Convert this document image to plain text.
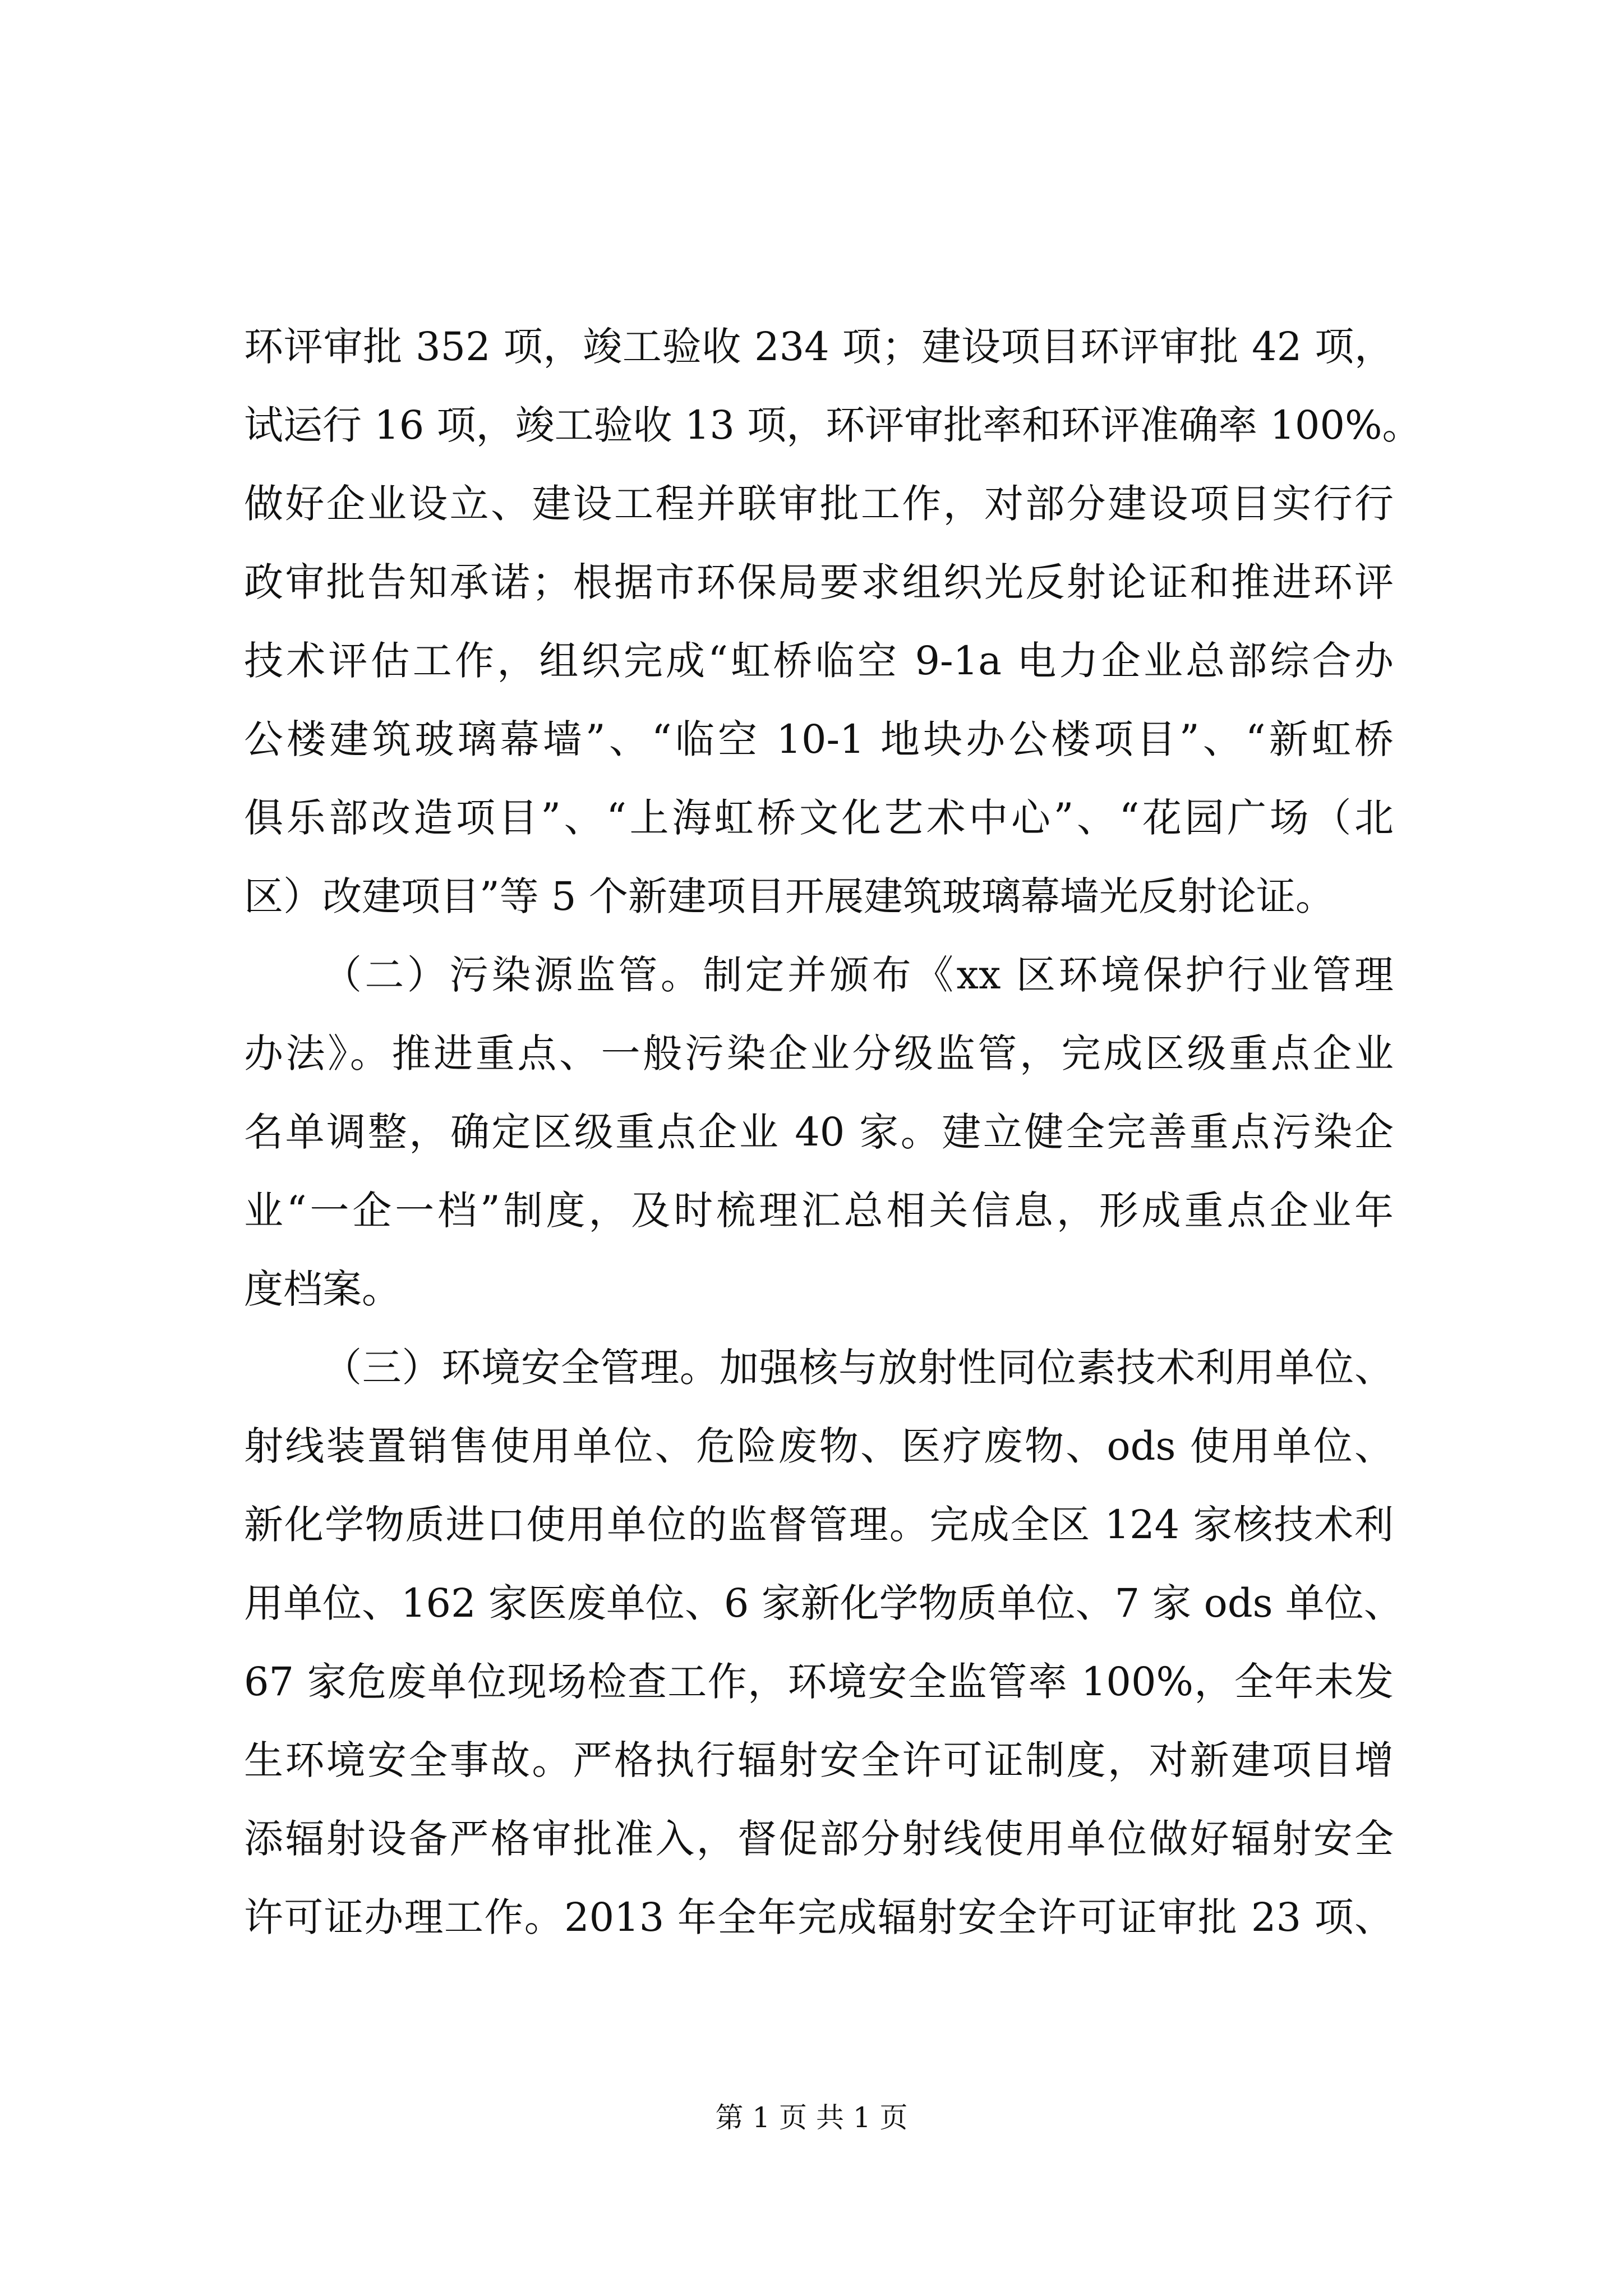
环评审批 352 项，竣工验收 234 项；建设项目环评审批 42 项，
试运行 16 项，竣工验收 13 项，环评审批率和环评准确率 100%。
做好企业设立、建设工程并联审批工作，对部分建设项目实行行
政审批告知承诺；根据市环保局要求组织光反射论证和推进环评
技术评估工作，组织完成“虹桥临空 9-1a 电力企业总部综合办
公楼建筑玻璃幕墙”、“临空 10-1 地块办公楼项目”、“新虹桥
俱乐部改造项目”、“上海虹桥文化艺术中心”、“花园广场（北
区）改建项目”等 5 个新建项目开展建筑玻璃幕墙光反射论证。
（二）污染源监管。制定并颁布《xx 区环境保护行业管理
办法》。推进重点、一般污染企业分级监管，完成区级重点企业
名单调整，确定区级重点企业 40 家。建立健全完善重点污染企
业“一企一档”制度，及时梳理汇总相关信息，形成重点企业年
度档案。
（三）环境安全管理。加强核与放射性同位素技术利用单位、
射线装置销售使用单位、危险废物、医疗废物、ods 使用单位、
新化学物质进口使用单位的监督管理。完成全区 124 家核技术利
用单位、162 家医废单位、6 家新化学物质单位、7 家 ods 单位、
67 家危废单位现场检查工作，环境安全监管率 100%，全年未发
生环境安全事故。严格执行辐射安全许可证制度，对新建项目增
添辐射设备严格审批准入，督促部分射线使用单位做好辐射安全
许可证办理工作。2013 年全年完成辐射安全许可证审批 23 项、
第 1 页 共 1 页
